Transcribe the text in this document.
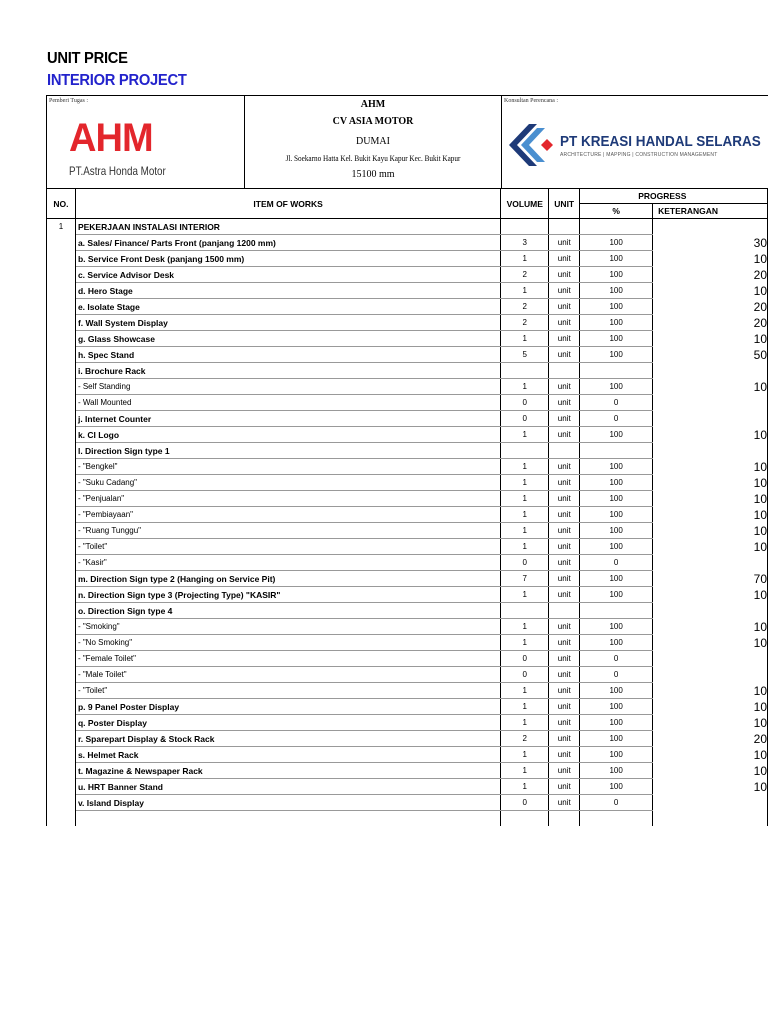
UNIT PRICE
INTERIOR PROJECT
Pemberi Tugas :
AHM
PT.Astra Honda Motor
AHM
CV ASIA MOTOR
DUMAI
Jl. Soekarno Hatta Kel. Bukit Kayu Kapur Kec. Bukit Kapur
15100 mm
Konsultan Perencana :
PT KREASI HANDAL SELARAS
ARCHITECTURE | MAPPING | CONSTRUCTION MANAGEMENT
NO.	ITEM OF WORKS	VOLUME	UNIT	PROGRESS	
				%	KETERANGAN
1	PEKERJAAN INSTALASI INTERIOR				
	a. Sales/ Finance/ Parts Front (panjang 1200 mm)	3	unit	100	30
	b. Service Front Desk (panjang 1500 mm)	1	unit	100	10
	c. Service Advisor Desk	2	unit	100	20
	d. Hero Stage	1	unit	100	10
	e. Isolate Stage	2	unit	100	20
	f. Wall System Display	2	unit	100	20
	g. Glass Showcase	1	unit	100	10
	h. Spec Stand	5	unit	100	50
	i. Brochure Rack				
	- Self Standing	1	unit	100	10
	- Wall Mounted	0	unit	0	
	j. Internet Counter	0	unit	0	
	k. CI Logo	1	unit	100	10
	l. Direction Sign type 1				
	- "Bengkel"	1	unit	100	10
	- "Suku Cadang"	1	unit	100	10
	- "Penjualan"	1	unit	100	10
	- "Pembiayaan"	1	unit	100	10
	- "Ruang Tunggu"	1	unit	100	10
	- "Toilet"	1	unit	100	10
	- "Kasir"	0	unit	0	
	m. Direction Sign type 2 (Hanging on Service Pit)	7	unit	100	70
	n. Direction Sign type 3 (Projecting Type) "KASIR"	1	unit	100	10
	o. Direction Sign type 4				
	- "Smoking"	1	unit	100	10
	- "No Smoking"	1	unit	100	10
	- "Female Toilet"	0	unit	0	
	- "Male Toilet"	0	unit	0	
	- "Toilet"	1	unit	100	10
	p. 9 Panel Poster Display	1	unit	100	10
	q. Poster Display	1	unit	100	10
	r. Sparepart Display & Stock Rack	2	unit	100	20
	s. Helmet Rack	1	unit	100	10
	t. Magazine & Newspaper Rack	1	unit	100	10
	u. HRT Banner Stand	1	unit	100	10
	v. Island Display	0	unit	0	
